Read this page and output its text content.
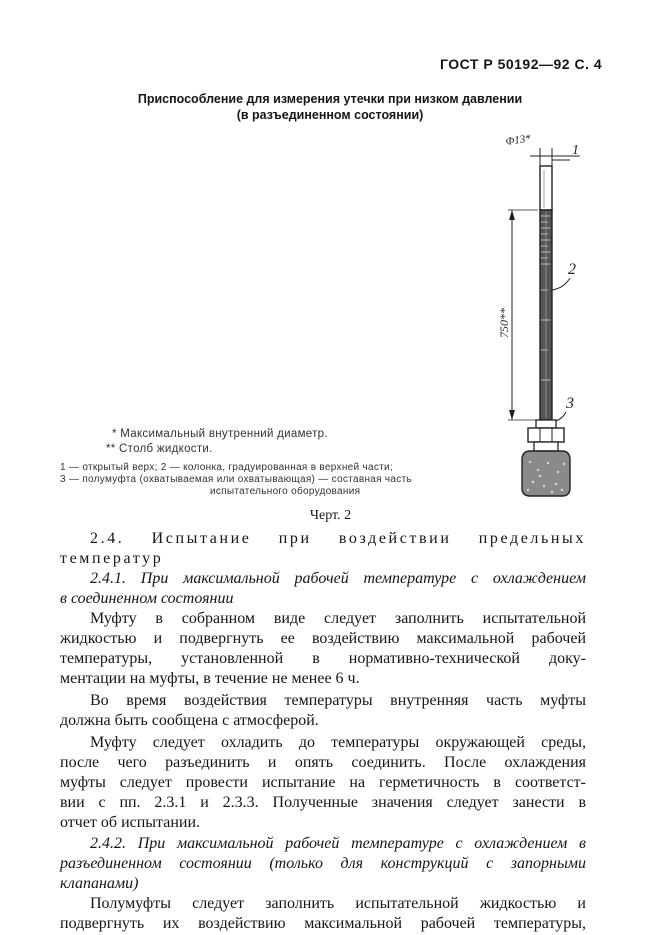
ГОСТ Р 50192—92 С. 4
Приспособление для измерения утечки при низком давлении
(в разъединенном состоянии)
Ф13*
1
750**
2
3
* Максимальный внутренний диаметр.
** Столб жидкости.
1 — открытый верх; 2 — колонка, градуированная в верхней части;
3 — полумуфта (охватываемая или охватывающая) — составная часть
испытательного оборудования
Черт. 2
2.4. Испытание при воздействии предельных
температур
2.4.1. При максимальной рабочей температуре с охлаждением
в соединенном состоянии
Муфту в собранном виде следует заполнить испытательной
жидкостью и подвергнуть ее воздействию максимальной рабочей
температуры, установленной в нормативно-технической доку-
ментации на муфты, в течение не менее 6 ч.
Во время воздействия температуры внутренняя часть муфты
должна быть сообщена с атмосферой.
Муфту следует охладить до температуры окружающей среды,
после чего разъединить и опять соединить. После охлаждения
муфты следует провести испытание на герметичность в соответст-
вии с пп. 2.3.1 и 2.3.3. Полученные значения следует занести в
отчет об испытании.
2.4.2. При максимальной рабочей температуре с охлаждением в
разъединенном состоянии (только для конструкций с запорными
клапанами)
Полумуфты следует заполнить испытательной жидкостью и
подвергнуть их воздействию максимальной рабочей температуры,
